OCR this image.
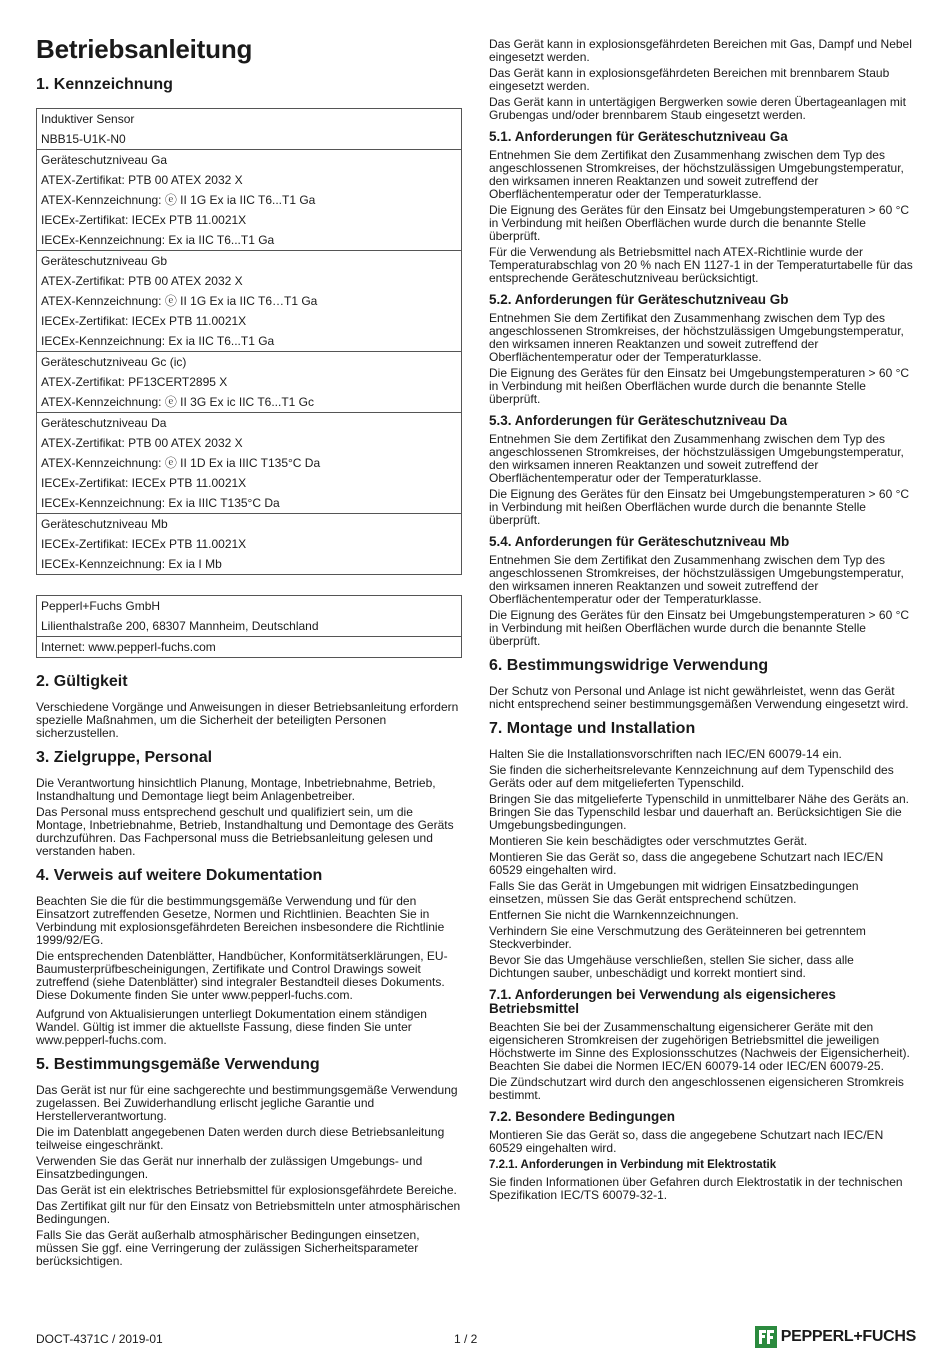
Betriebsanleitung
1. Kennzeichnung
Induktiver Sensor
NBB15-U1K-N0
Geräteschutzniveau Ga
ATEX-Zertifikat: PTB 00 ATEX 2032 X
ATEX-Kennzeichnung: ⓔ II 1G Ex ia IIC T6...T1 Ga
IECEx-Zertifikat: IECEx PTB 11.0021X
IECEx-Kennzeichnung: Ex ia IIC T6...T1 Ga
Geräteschutzniveau Gb
ATEX-Zertifikat: PTB 00 ATEX 2032 X
ATEX-Kennzeichnung: ⓔ II 1G Ex ia IIC T6…T1 Ga
IECEx-Zertifikat: IECEx PTB 11.0021X
IECEx-Kennzeichnung: Ex ia IIC T6...T1 Ga
Geräteschutzniveau Gc (ic)
ATEX-Zertifikat: PF13CERT2895 X
ATEX-Kennzeichnung: ⓔ II 3G Ex ic IIC T6...T1 Gc
Geräteschutzniveau Da
ATEX-Zertifikat: PTB 00 ATEX 2032 X
ATEX-Kennzeichnung: ⓔ II 1D Ex ia IIIC T135°C Da
IECEx-Zertifikat: IECEx PTB 11.0021X
IECEx-Kennzeichnung: Ex ia IIIC T135°C Da
Geräteschutzniveau Mb
IECEx-Zertifikat: IECEx PTB 11.0021X
IECEx-Kennzeichnung: Ex ia I Mb
Pepperl+Fuchs GmbH
Lilienthalstraße 200, 68307 Mannheim, Deutschland
Internet: www.pepperl-fuchs.com
2. Gültigkeit

Verschiedene Vorgänge und Anweisungen in dieser Betriebsanleitung erfordern spezielle Maßnahmen, um die Sicherheit der beteiligten Personen sicherzustellen.

3. Zielgruppe, Personal

Die Verantwortung hinsichtlich Planung, Montage, Inbetriebnahme, Betrieb, Instandhaltung und Demontage liegt beim Anlagenbetreiber.

Das Personal muss entsprechend geschult und qualifiziert sein, um die Montage, Inbetriebnahme, Betrieb, Instandhaltung und Demontage des Geräts durchzuführen. Das Fachpersonal muss die Betriebsanleitung gelesen und verstanden haben.

4. Verweis auf weitere Dokumentation

Beachten Sie die für die bestimmungsgemäße Verwendung und für den Einsatzort zutreffenden Gesetze, Normen und Richtlinien. Beachten Sie in Verbindung mit explosionsgefährdeten Bereichen insbesondere die Richtlinie 1999/92/EG.

Die entsprechenden Datenblätter, Handbücher, Konformitätserklärungen, EU-Baumusterprüfbescheinigungen, Zertifikate und Control Drawings soweit zutreffend (siehe Datenblätter) sind integraler Bestandteil dieses Dokuments. Diese Dokumente finden Sie unter www.pepperl-fuchs.com.

Aufgrund von Aktualisierungen unterliegt Dokumentation einem ständigen Wandel. Gültig ist immer die aktuellste Fassung, diese finden Sie unter www.pepperl-fuchs.com.

5. Bestimmungsgemäße Verwendung

Das Gerät ist nur für eine sachgerechte und bestimmungsgemäße Verwendung zugelassen. Bei Zuwiderhandlung erlischt jegliche Garantie und Herstellerverantwortung.

Die im Datenblatt angegebenen Daten werden durch diese Betriebsanleitung teilweise eingeschränkt.

Verwenden Sie das Gerät nur innerhalb der zulässigen Umgebungs- und Einsatzbedingungen.

Das Gerät ist ein elektrisches Betriebsmittel für explosionsgefährdete Bereiche.

Das Zertifikat gilt nur für den Einsatz von Betriebsmitteln unter atmosphärischen Bedingungen.

Falls Sie das Gerät außerhalb atmosphärischer Bedingungen einsetzen, müssen Sie ggf. eine Verringerung der zulässigen Sicherheitsparameter berücksichtigen.

Das Gerät kann in explosionsgefährdeten Bereichen mit Gas, Dampf und Nebel eingesetzt werden.

Das Gerät kann in explosionsgefährdeten Bereichen mit brennbarem Staub eingesetzt werden.

Das Gerät kann in untertägigen Bergwerken sowie deren Übertageanlagen mit Grubengas und/oder brennbarem Staub eingesetzt werden.

5.1. Anforderungen für Geräteschutzniveau Ga

Entnehmen Sie dem Zertifikat den Zusammenhang zwischen dem Typ des angeschlossenen Stromkreises, der höchstzulässigen Umgebungstemperatur, den wirksamen inneren Reaktanzen und soweit zutreffend der Oberflächentemperatur oder der Temperaturklasse.

Die Eignung des Gerätes für den Einsatz bei Umgebungstemperaturen > 60 °C in Verbindung mit heißen Oberflächen wurde durch die benannte Stelle überprüft.

Für die Verwendung als Betriebsmittel nach ATEX-Richtlinie wurde der Temperaturabschlag von 20 % nach EN 1127-1 in der Temperaturtabelle für das entsprechende Geräteschutzniveau berücksichtigt.

5.2. Anforderungen für Geräteschutzniveau Gb

Entnehmen Sie dem Zertifikat den Zusammenhang zwischen dem Typ des angeschlossenen Stromkreises, der höchstzulässigen Umgebungstemperatur, den wirksamen inneren Reaktanzen und soweit zutreffend der Oberflächentemperatur oder der Temperaturklasse.

Die Eignung des Gerätes für den Einsatz bei Umgebungstemperaturen > 60 °C in Verbindung mit heißen Oberflächen wurde durch die benannte Stelle überprüft.

5.3. Anforderungen für Geräteschutzniveau Da

Entnehmen Sie dem Zertifikat den Zusammenhang zwischen dem Typ des angeschlossenen Stromkreises, der höchstzulässigen Umgebungstemperatur, den wirksamen inneren Reaktanzen und soweit zutreffend der Oberflächentemperatur oder der Temperaturklasse.

Die Eignung des Gerätes für den Einsatz bei Umgebungstemperaturen > 60 °C in Verbindung mit heißen Oberflächen wurde durch die benannte Stelle überprüft.

5.4. Anforderungen für Geräteschutzniveau Mb

Entnehmen Sie dem Zertifikat den Zusammenhang zwischen dem Typ des angeschlossenen Stromkreises, der höchstzulässigen Umgebungstemperatur, den wirksamen inneren Reaktanzen und soweit zutreffend der Oberflächentemperatur oder der Temperaturklasse.

Die Eignung des Gerätes für den Einsatz bei Umgebungstemperaturen > 60 °C in Verbindung mit heißen Oberflächen wurde durch die benannte Stelle überprüft.

6. Bestimmungswidrige Verwendung

Der Schutz von Personal und Anlage ist nicht gewährleistet, wenn das Gerät nicht entsprechend seiner bestimmungsgemäßen Verwendung eingesetzt wird.

7. Montage und Installation

Halten Sie die Installationsvorschriften nach IEC/EN 60079-14 ein.

Sie finden die sicherheitsrelevante Kennzeichnung auf dem Typenschild des Geräts oder auf dem mitgelieferten Typenschild.

Bringen Sie das mitgelieferte Typenschild in unmittelbarer Nähe des Geräts an. Bringen Sie das Typenschild lesbar und dauerhaft an. Berücksichtigen Sie die Umgebungsbedingungen.

Montieren Sie kein beschädigtes oder verschmutztes Gerät.

Montieren Sie das Gerät so, dass die angegebene Schutzart nach IEC/EN 60529 eingehalten wird.

Falls Sie das Gerät in Umgebungen mit widrigen Einsatzbedingungen einsetzen, müssen Sie das Gerät entsprechend schützen.

Entfernen Sie nicht die Warnkennzeichnungen.

Verhindern Sie eine Verschmutzung des Geräteinneren bei getrenntem Steckverbinder.

Bevor Sie das Umgehäuse verschließen, stellen Sie sicher, dass alle Dichtungen sauber, unbeschädigt und korrekt montiert sind.

7.1. Anforderungen bei Verwendung als eigensicheres Betriebsmittel

Beachten Sie bei der Zusammenschaltung eigensicherer Geräte mit den eigensicheren Stromkreisen der zugehörigen Betriebsmittel die jeweiligen Höchstwerte im Sinne des Explosionsschutzes (Nachweis der Eigensicherheit). Beachten Sie dabei die Normen IEC/EN 60079-14 oder IEC/EN 60079-25.

Die Zündschutzart wird durch den angeschlossenen eigensicheren Stromkreis bestimmt.

7.2. Besondere Bedingungen

Montieren Sie das Gerät so, dass die angegebene Schutzart nach IEC/EN 60529 eingehalten wird.

7.2.1. Anforderungen in Verbindung mit Elektrostatik

Sie finden Informationen über Gefahren durch Elektrostatik in der technischen Spezifikation IEC/TS 60079-32-1.

DOCT-4371C / 2019-01	1 / 2	PEPPERL+FUCHS
